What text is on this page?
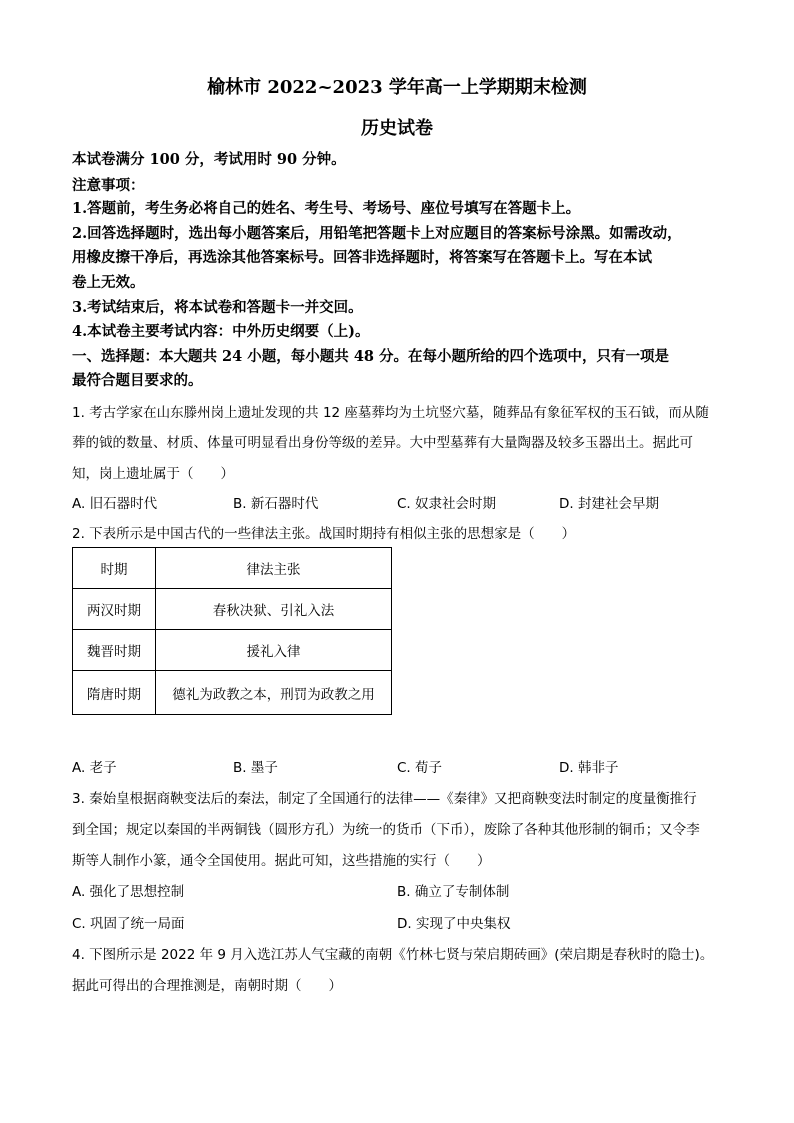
榆林市 2022~2023 学年高一上学期期末检测
历史试卷
本试卷满分 100 分，考试用时 90 分钟。
注意事项：
1.答题前，考生务必将自己的姓名、考生号、考场号、座位号填写在答题卡上。
2.回答选择题时，选出每小题答案后，用铅笔把答题卡上对应题目的答案标号涂黑。如需改动，
用橡皮擦干净后，再选涂其他答案标号。回答非选择题时，将答案写在答题卡上。写在本试
卷上无效。
3.考试结束后，将本试卷和答题卡一并交回。
4.本试卷主要考试内容：中外历史纲要（上)。
一、选择题：本大题共 24 小题，每小题共 48 分。在每小题所给的四个选项中，只有一项是
最符合题目要求的。
1. 考古学家在山东滕州岗上遗址发现的共 12 座墓葬均为土坑竖穴墓，随葬品有象征军权的玉石钺，而从随
葬的钺的数量、材质、体量可明显看出身份等级的差异。大中型墓葬有大量陶器及较多玉器出土。据此可
知，岗上遗址属于（　　）
A. 旧石器时代	B. 新石器时代	C. 奴隶社会时期	D. 封建社会早期
2. 下表所示是中国古代的一些律法主张。战国时期持有相似主张的思想家是（　　）
时期	律法主张
两汉时期	春秋决狱、引礼入法
魏晋时期	援礼入律
隋唐时期	德礼为政教之本，刑罚为政教之用
A. 老子	B. 墨子	C. 荀子	D. 韩非子
3. 秦始皇根据商鞅变法后的秦法，制定了全国通行的法律——《秦律》又把商鞅变法时制定的度量衡推行
到全国；规定以秦国的半两铜钱（圆形方孔）为统一的货币（下币），废除了各种其他形制的铜币；又令李
斯等人制作小篆，通令全国使用。据此可知，这些措施的实行（　　）
A. 强化了思想控制	B. 确立了专制体制
C. 巩固了统一局面	D. 实现了中央集权
4. 下图所示是 2022 年 9 月入选江苏人气宝藏的南朝《竹林七贤与荣启期砖画》(荣启期是春秋时的隐士)。
据此可得出的合理推测是，南朝时期（　　）
